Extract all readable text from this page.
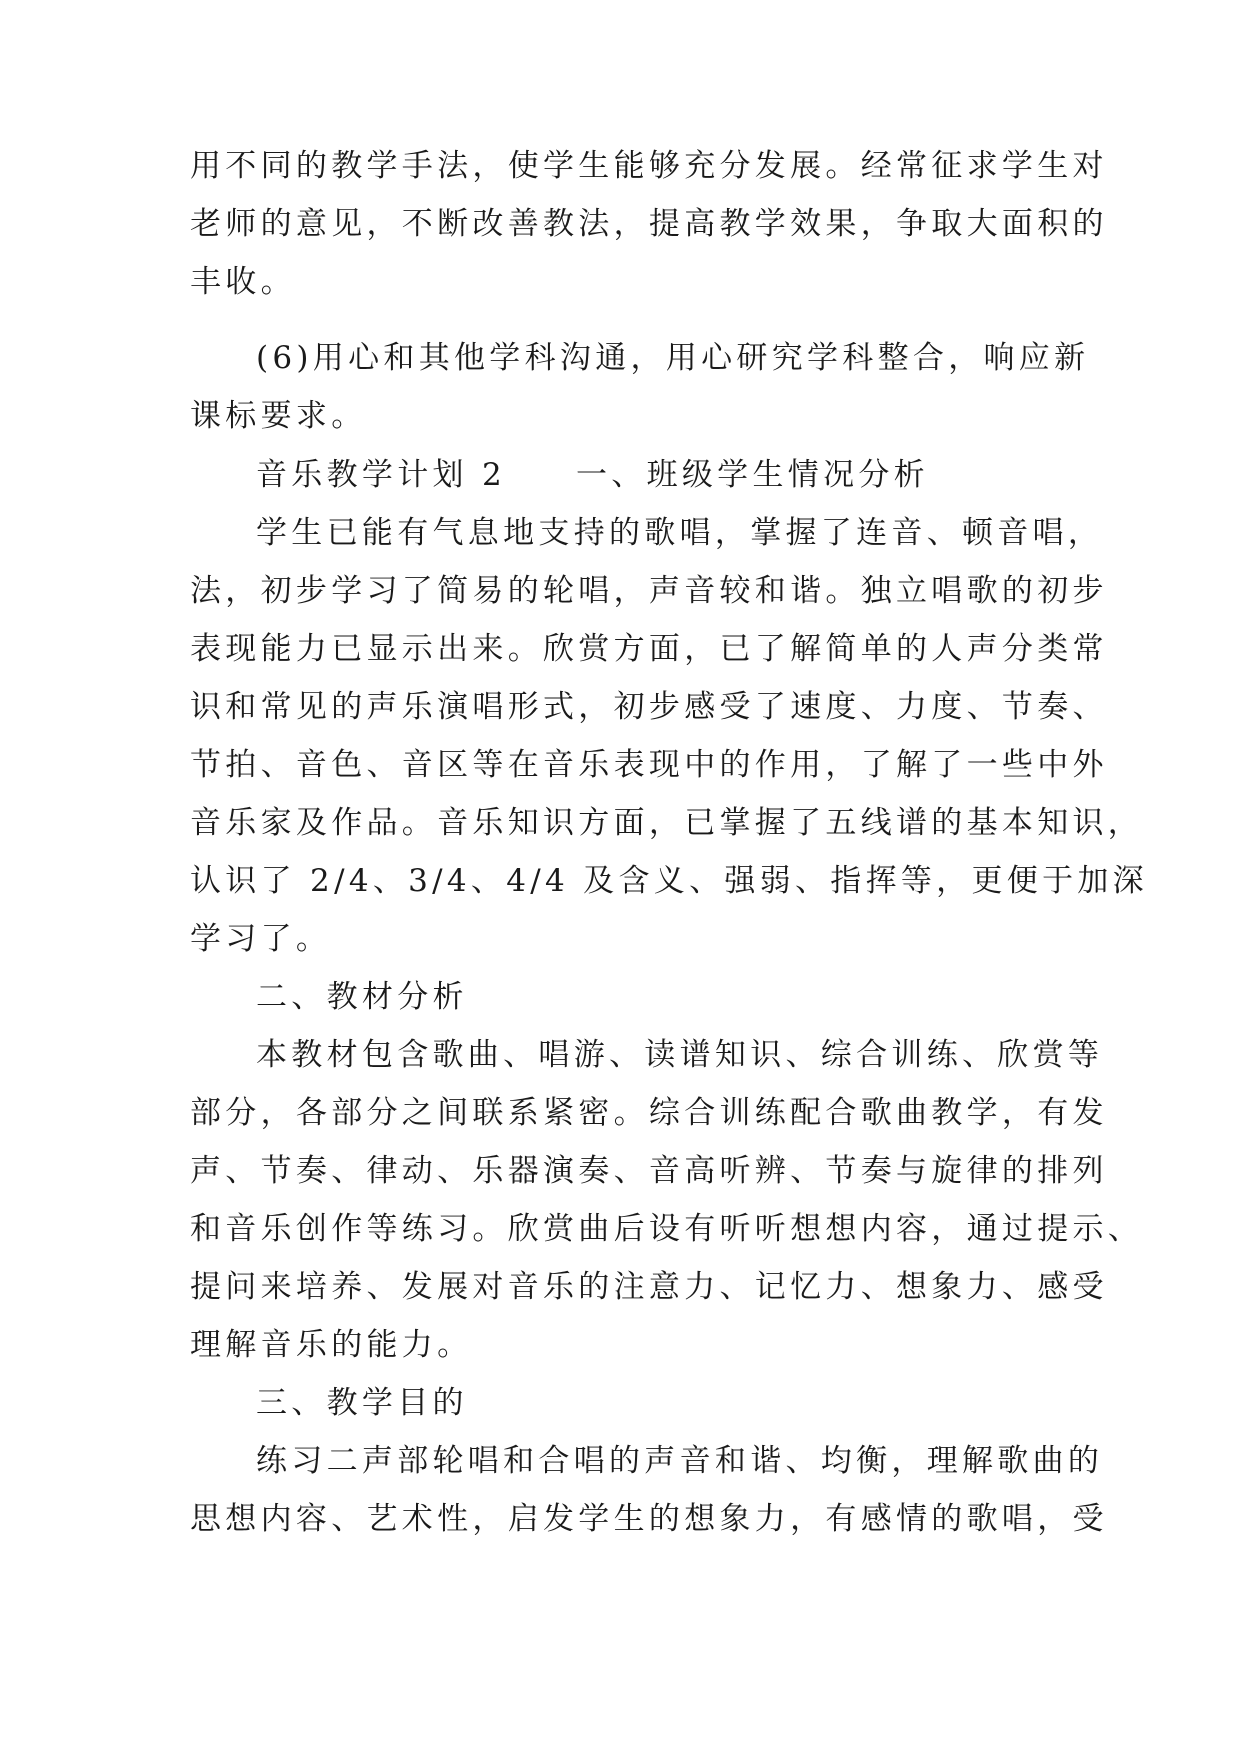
用不同的教学手法，使学生能够充分发展。经常征求学生对

老师的意见，不断改善教法，提高教学效果，争取大面积的

丰收。

(6)用心和其他学科沟通，用心研究学科整合，响应新

课标要求。

音乐教学计划 2 一、班级学生情况分析

学生已能有气息地支持的歌唱，掌握了连音、顿音唱，

法，初步学习了简易的轮唱，声音较和谐。独立唱歌的初步

表现能力已显示出来。欣赏方面，已了解简单的人声分类常

识和常见的声乐演唱形式，初步感受了速度、力度、节奏、

节拍、音色、音区等在音乐表现中的作用，了解了一些中外

音乐家及作品。音乐知识方面，已掌握了五线谱的基本知识，

认识了 2/4、3/4、4/4 及含义、强弱、指挥等，更便于加深

学习了。

二、教材分析

本教材包含歌曲、唱游、读谱知识、综合训练、欣赏等

部分，各部分之间联系紧密。综合训练配合歌曲教学，有发

声、节奏、律动、乐器演奏、音高听辨、节奏与旋律的排列

和音乐创作等练习。欣赏曲后设有听听想想内容，通过提示、

提问来培养、发展对音乐的注意力、记忆力、想象力、感受

理解音乐的能力。

三、教学目的

练习二声部轮唱和合唱的声音和谐、均衡，理解歌曲的

思想内容、艺术性，启发学生的想象力，有感情的歌唱，受
